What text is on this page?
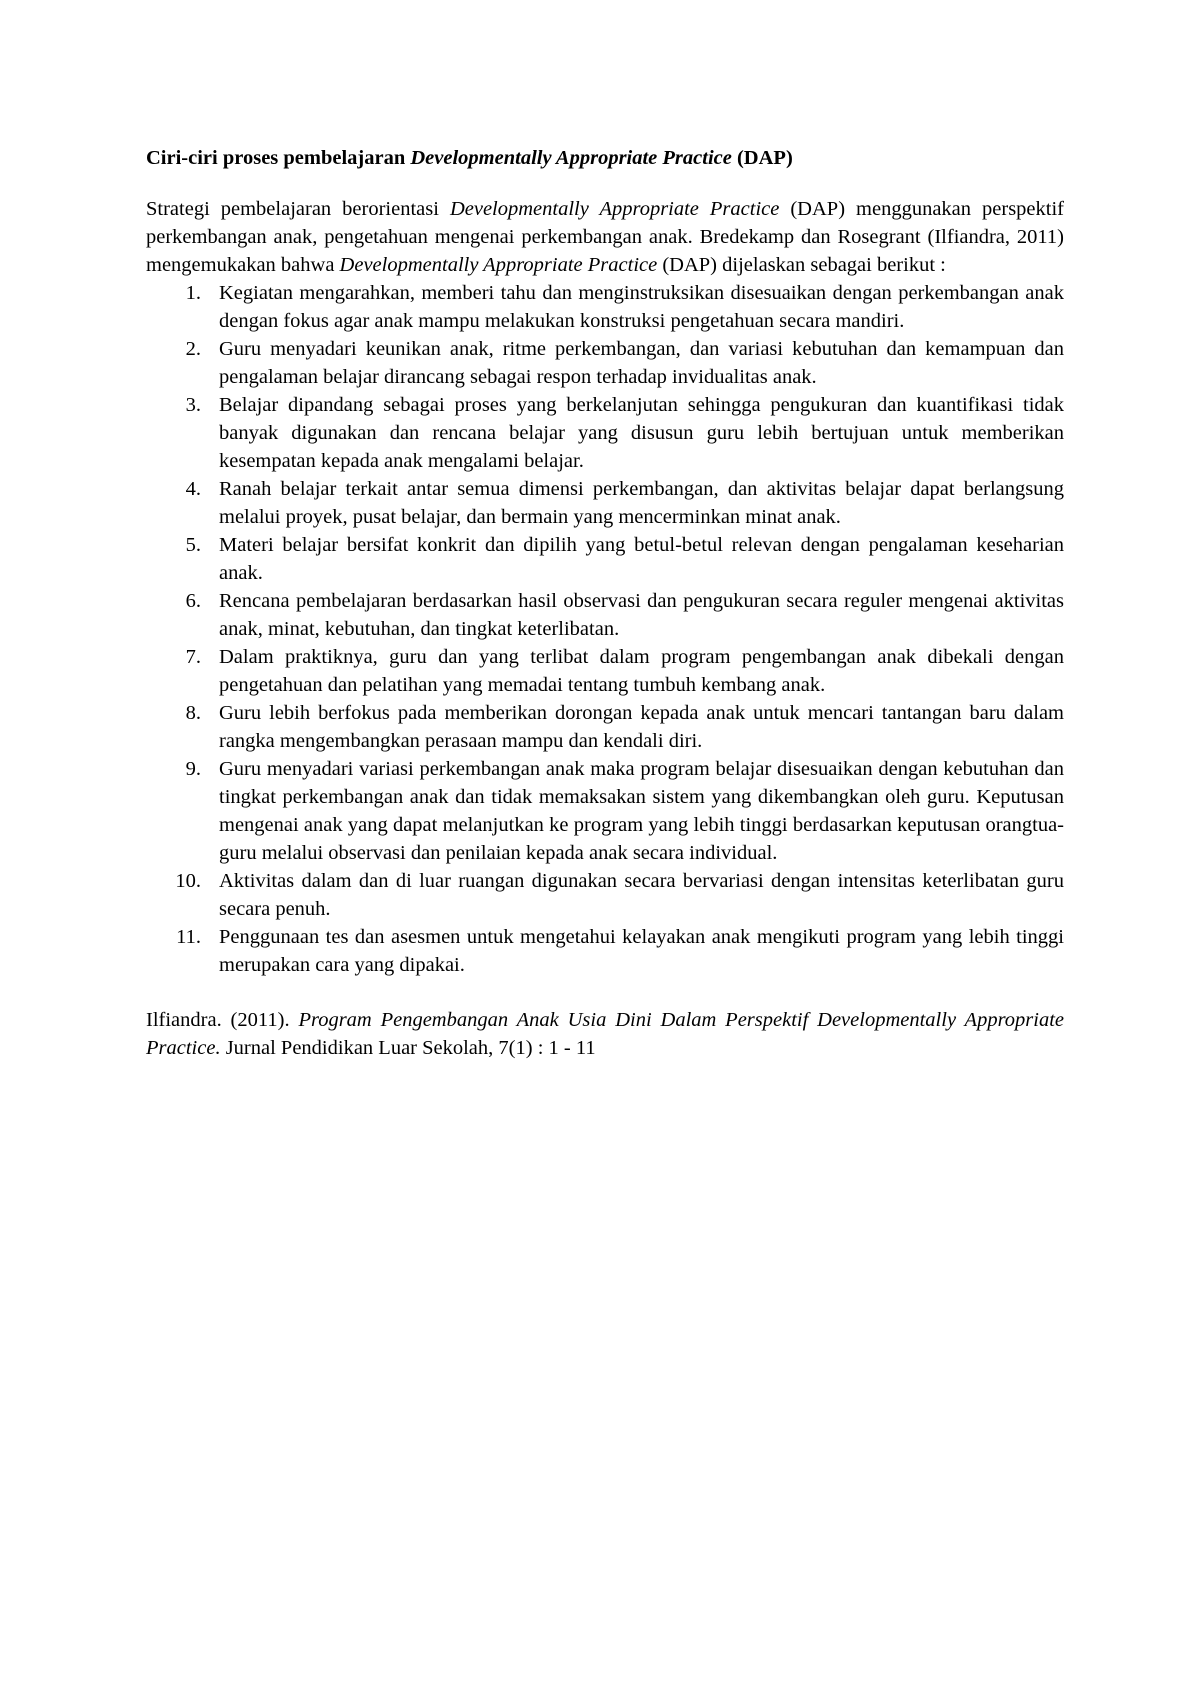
Ciri-ciri proses pembelajaran Developmentally Appropriate Practice (DAP)

Strategi pembelajaran berorientasi Developmentally Appropriate Practice (DAP) menggunakan perspektif perkembangan anak, pengetahuan mengenai perkembangan anak. Bredekamp dan Rosegrant (Ilfiandra, 2011) mengemukakan bahwa Developmentally Appropriate Practice (DAP) dijelaskan sebagai berikut :

1. Kegiatan mengarahkan, memberi tahu dan menginstruksikan disesuaikan dengan perkembangan anak dengan fokus agar anak mampu melakukan konstruksi pengetahuan secara mandiri.
2. Guru menyadari keunikan anak, ritme perkembangan, dan variasi kebutuhan dan kemampuan dan pengalaman belajar dirancang sebagai respon terhadap invidualitas anak.
3. Belajar dipandang sebagai proses yang berkelanjutan sehingga pengukuran dan kuantifikasi tidak banyak digunakan dan rencana belajar yang disusun guru lebih bertujuan untuk memberikan kesempatan kepada anak mengalami belajar.
4. Ranah belajar terkait antar semua dimensi perkembangan, dan aktivitas belajar dapat berlangsung melalui proyek, pusat belajar, dan bermain yang mencerminkan minat anak.
5. Materi belajar bersifat konkrit dan dipilih yang betul-betul relevan dengan pengalaman keseharian anak.
6. Rencana pembelajaran berdasarkan hasil observasi dan pengukuran secara reguler mengenai aktivitas anak, minat, kebutuhan, dan tingkat keterlibatan.
7. Dalam praktiknya, guru dan yang terlibat dalam program pengembangan anak dibekali dengan pengetahuan dan pelatihan yang memadai tentang tumbuh kembang anak.
8. Guru lebih berfokus pada memberikan dorongan kepada anak untuk mencari tantangan baru dalam rangka mengembangkan perasaan mampu dan kendali diri.
9. Guru menyadari variasi perkembangan anak maka program belajar disesuaikan dengan kebutuhan dan tingkat perkembangan anak dan tidak memaksakan sistem yang dikembangkan oleh guru. Keputusan mengenai anak yang dapat melanjutkan ke program yang lebih tinggi berdasarkan keputusan orangtua-guru melalui observasi dan penilaian kepada anak secara individual.
10. Aktivitas dalam dan di luar ruangan digunakan secara bervariasi dengan intensitas keterlibatan guru secara penuh.
11. Penggunaan tes dan asesmen untuk mengetahui kelayakan anak mengikuti program yang lebih tinggi merupakan cara yang dipakai.

Ilfiandra. (2011). Program Pengembangan Anak Usia Dini Dalam Perspektif Developmentally Appropriate Practice. Jurnal Pendidikan Luar Sekolah, 7(1) : 1 - 11
